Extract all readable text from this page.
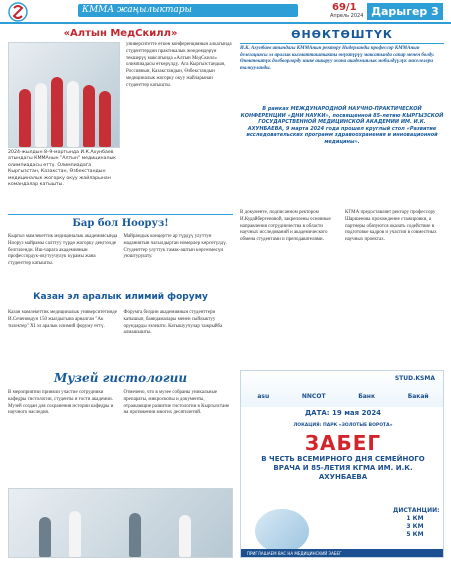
КММА жаңылыктары	69/1
Апрель 2024 Дарыгер 3
«Алтын МедСкилл»
университетте өткөн конференциянын алкагында студенттердин практикалык жөндөмдөрүн текшерүү максатында «Алтын МедСкилл» олимпиадасы өткөрүлдү. Ага Кыргызстандын, Россиянын, Казакстандын, Өзбекстандын медициналык жогорку окуу жайларынан студенттер катышты.
2024-жылдын 8–9-мартында И.К.Ахунбаев атындагы КММАнын "Алтын" медициналык олимпиадасы өттү. Олимпиадага Кыргызстан, Казакстан, Өзбекстандын медициналык жогорку окуу жайларынан командалар катышты.
Бар бол Нооруз!
Кыргыз мамлекеттик медициналык академиясында Нооруз майрамы салттуу түрдө жогорку деңгээлде белгиленди. Иш-чарага академиянын профессордук-окутуучулук курамы жана студенттер катышты.
Майрамдык концертте ар түрдүү улуттун маданиятын чагылдырган номерлер көрсөтүлдү. Студенттер улуттук тамак-аштын көргөзмөсүн уюштурушту.
Казан эл аралык илимий форуму
Казан мамлекеттик медициналык университетинде И.Сеченовдун 150 жылдыгына арналган "Ак тилектер" XI эл аралык илимий форуму өттү.
Форумга биздин академиянын студенттери катышып, баяндамалары менен сыйлыктуу орундарды ээлешти. Катышуучулар тажрыйба алмашышты.
Музей гистологии
В мероприятии приняли участие сотрудники кафедры гистологии, студенты и гости академии. Музей создан для сохранения истории кафедры и научного наследия.
Отмечено, что в музее собраны уникальные препараты, микроскопы и документы, отражающие развитие гистологии в Кыргызстане на протяжении многих десятилетий.
ӨНӨКТӨШТҮК
И.К. Ахунбаев атындагы КММАнын ректору Нидерланды профессор КММАнын делегациясы эл аралык кызматташтыкты өнүктүрүү максатында сапар менен болду. Өнөктөштүк долбоорлорду ишке ашыруу жана академиялык мобилдүүлүк маселелери талкууланды.
В рамках МЕЖДУНАРОДНОЙ НАУЧНО-ПРАКТИЧЕСКОЙ КОНФЕРЕНЦИИ «ДНИ НАУКИ», посвященной 85-летию КЫРГЫЗСКОЙ ГОСУДАРСТВЕННОЙ МЕДИЦИНСКОЙ АКАДЕМИИ ИМ. И.К. АХУНБАЕВА, 9 марта 2024 года прошел круглый стол «Развитие исследовательских программ здравоохранения и инновационной медицины».
В документе, подписанном ректором И.Кудайбергеновой, закреплены основные направления сотрудничества в области научных исследований и академического обмена студентами и преподавателями.
КГМА предоставляет ректору профессору Шаршенова прохождение стажировки, а партнеры обязуются оказать содействие в подготовке кадров и участии в совместных научных проектах.
STUD.KSMA
asu	NNCOT	Банк	Бакай
ДАТА: 19 мая 2024
ЛОКАЦИЯ: ПАРК «ЗОЛОТЫЕ ВОРОТА»
ЗАБЕГ
В ЧЕСТЬ ВСЕМИРНОГО ДНЯ СЕМЕЙНОГО ВРАЧА И 85-ЛЕТИЯ КГМА ИМ. И.К. АХУНБАЕВА
ДИСТАНЦИИ:
1 КМ
3 КМ
5 КМ
ПРИГЛАШАЕМ ВАС НА МЕДИЦИНСКИЙ ЗАБЕГ
